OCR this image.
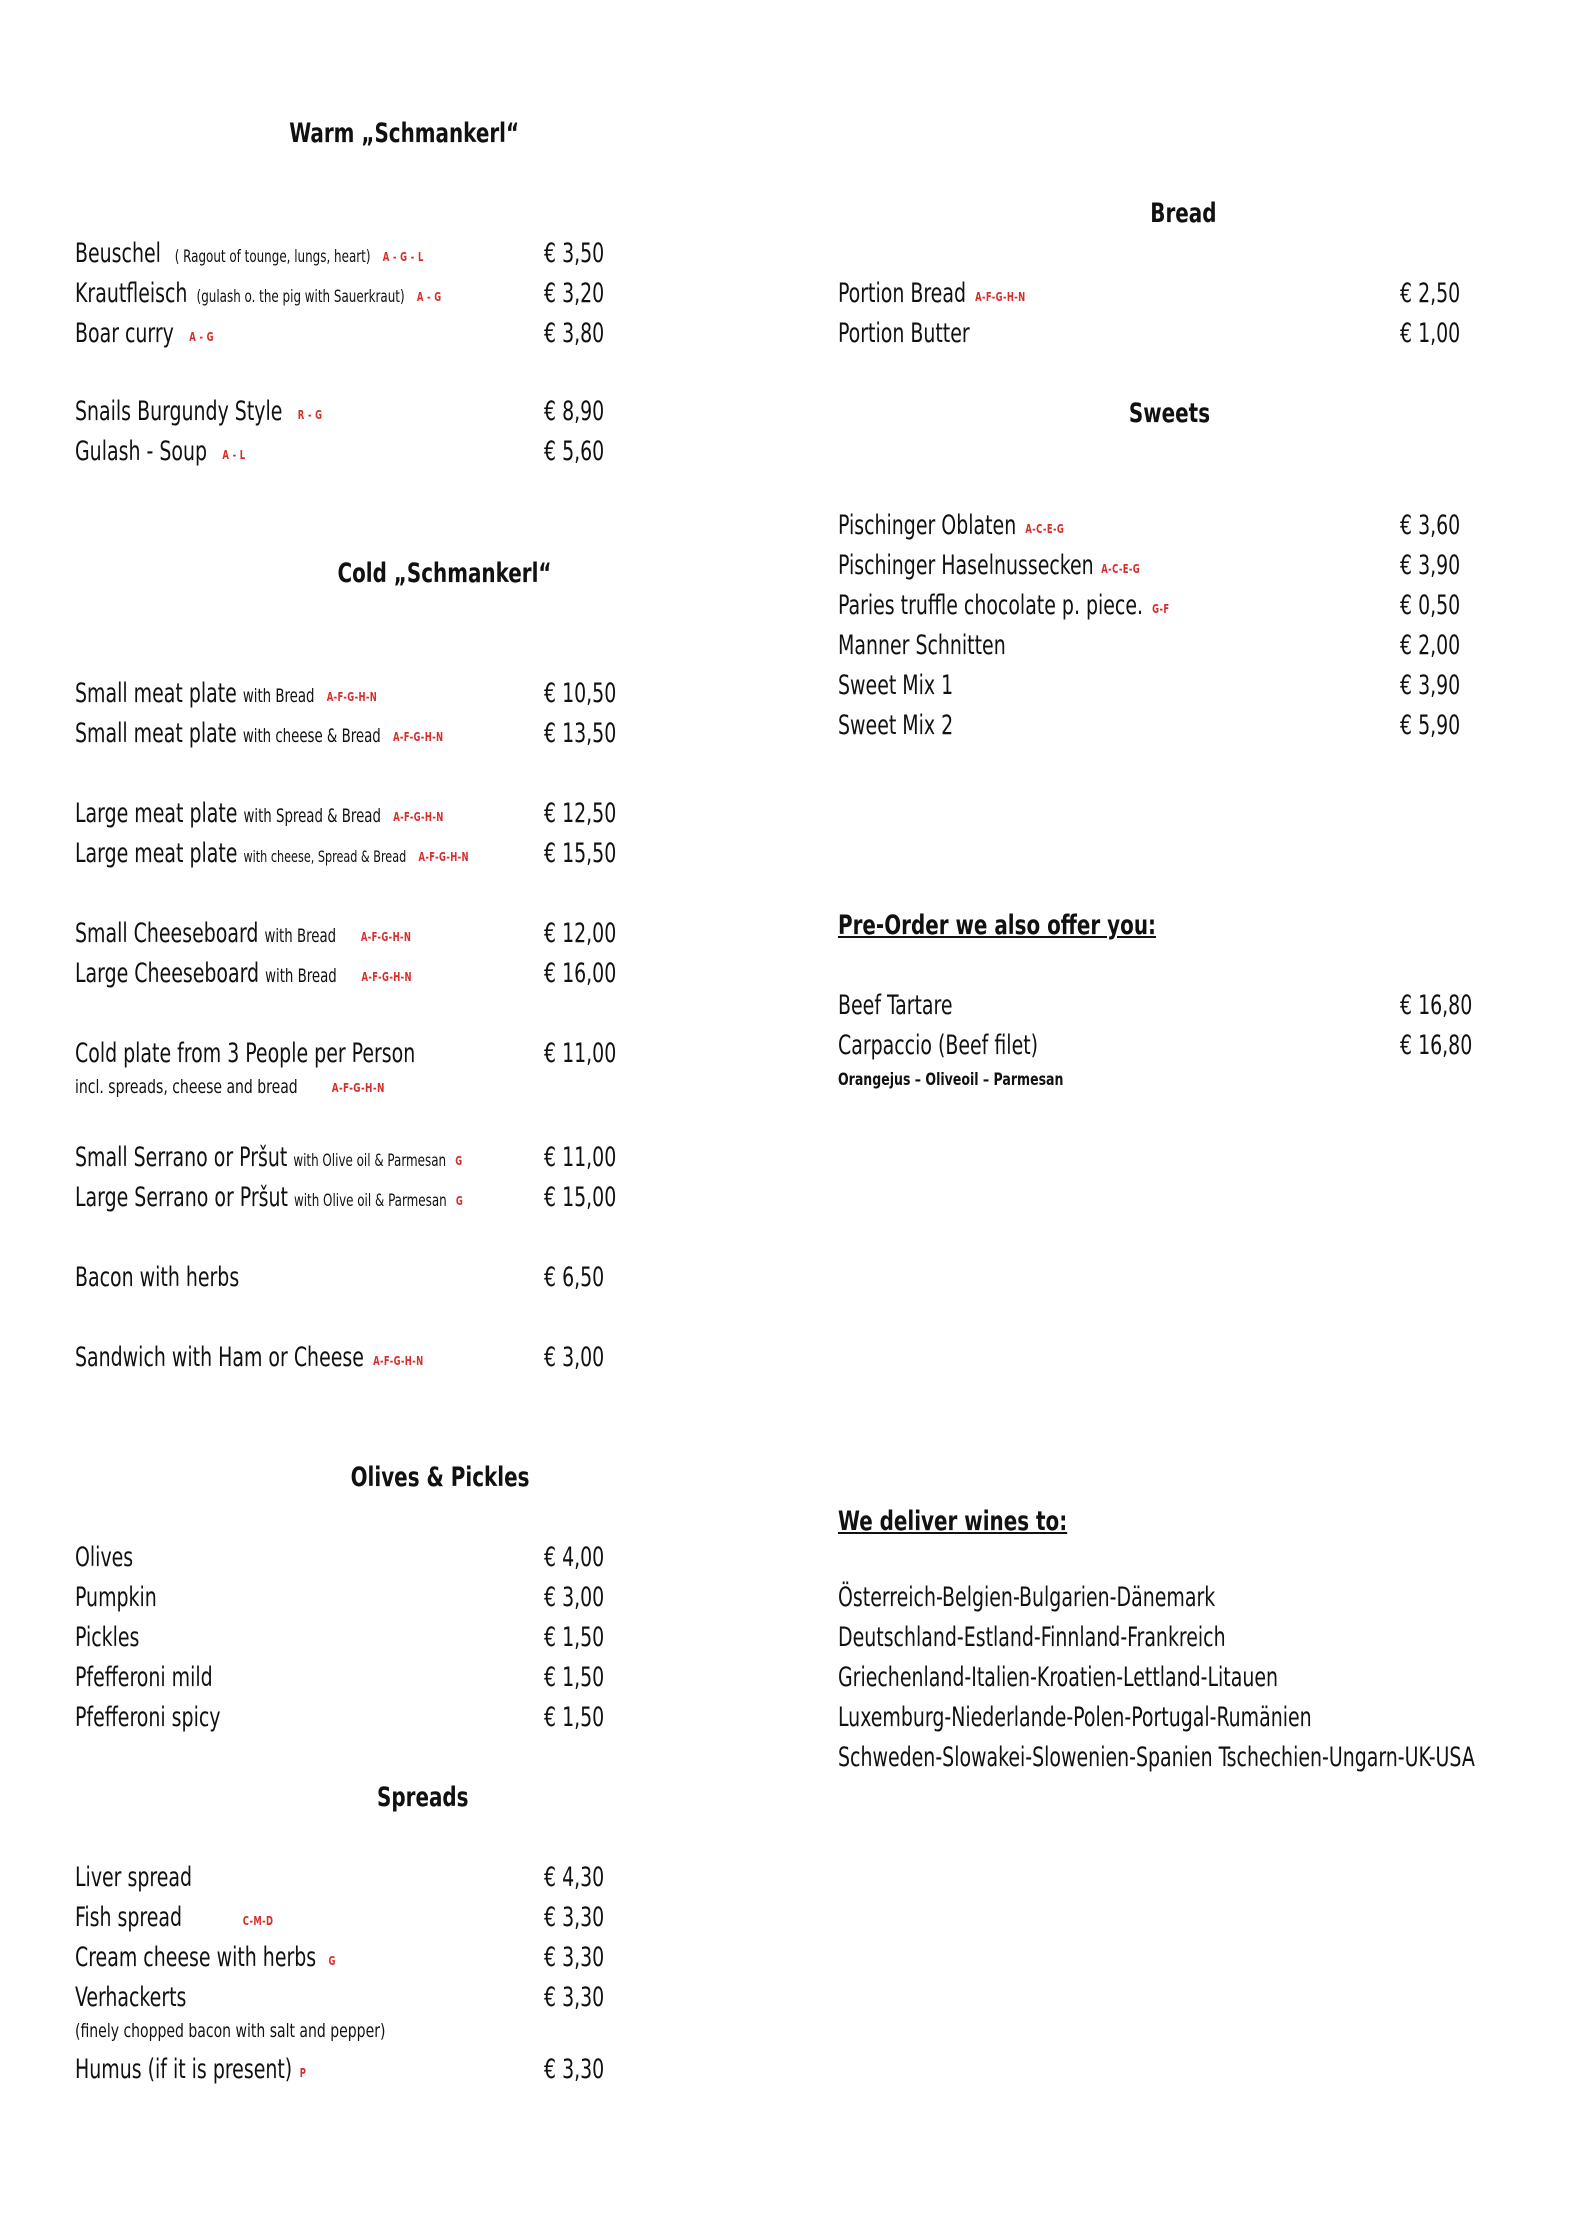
Warm „Schmankerl“
Beuschel ( Ragout of tounge, lungs, heart) A - G - L	€ 3,50
Krautfleisch (gulash o. the pig with Sauerkraut) A - G	€ 3,20
Boar curry A - G	€ 3,80
Snails Burgundy Style R - G	€ 8,90
Gulash - Soup A - L	€ 5,60
Cold „Schmankerl“
Small meat plate with Bread A-F-G-H-N	€ 10,50
Small meat plate with cheese & Bread A-F-G-H-N	€ 13,50
Large meat plate with Spread & Bread A-F-G-H-N	€ 12,50
Large meat plate with cheese, Spread & Bread A-F-G-H-N	€ 15,50
Small Cheeseboard with Bread A-F-G-H-N	€ 12,00
Large Cheeseboard with Bread A-F-G-H-N	€ 16,00
Cold plate from 3 People per Person	€ 11,00
incl. spreads, cheese and bread	A-F-G-H-N
Small Serrano or Pršut with Olive oil & Parmesan G	€ 11,00
Large Serrano or Pršut with Olive oil & Parmesan G	€ 15,00
Bacon with herbs	€ 6,50
Sandwich with Ham or Cheese A-F-G-H-N	€ 3,00
Olives & Pickles
Olives	€ 4,00
Pumpkin	€ 3,00
Pickles	€ 1,50
Pfefferoni mild	€ 1,50
Pfefferoni spicy	€ 1,50
Spreads
Liver spread	€ 4,30
Fish spread	C-M-D	€ 3,30
Cream cheese with herbs G	€ 3,30
Verhackerts	€ 3,30
(finely chopped bacon with salt and pepper)
Humus (if it is present) P	€ 3,30
Bread
Portion Bread A-F-G-H-N	€ 2,50
Portion Butter	€ 1,00
Sweets
Pischinger Oblaten A-C-E-G	€ 3,60
Pischinger Haselnussecken A-C-E-G	€ 3,90
Paries truffle chocolate p. piece. G-F	€ 0,50
Manner Schnitten	€ 2,00
Sweet Mix 1	€ 3,90
Sweet Mix 2	€ 5,90
Pre-Order we also offer you:
Beef Tartare	€ 16,80
Carpaccio (Beef filet)	€ 16,80
Orangejus – Oliveoil – Parmesan
We deliver wines to:
Österreich-Belgien-Bulgarien-Dänemark
Deutschland-Estland-Finnland-Frankreich
Griechenland-Italien-Kroatien-Lettland-Litauen
Luxemburg-Niederlande-Polen-Portugal-Rumänien
Schweden-Slowakei-Slowenien-Spanien Tschechien-Ungarn-UK-USA
